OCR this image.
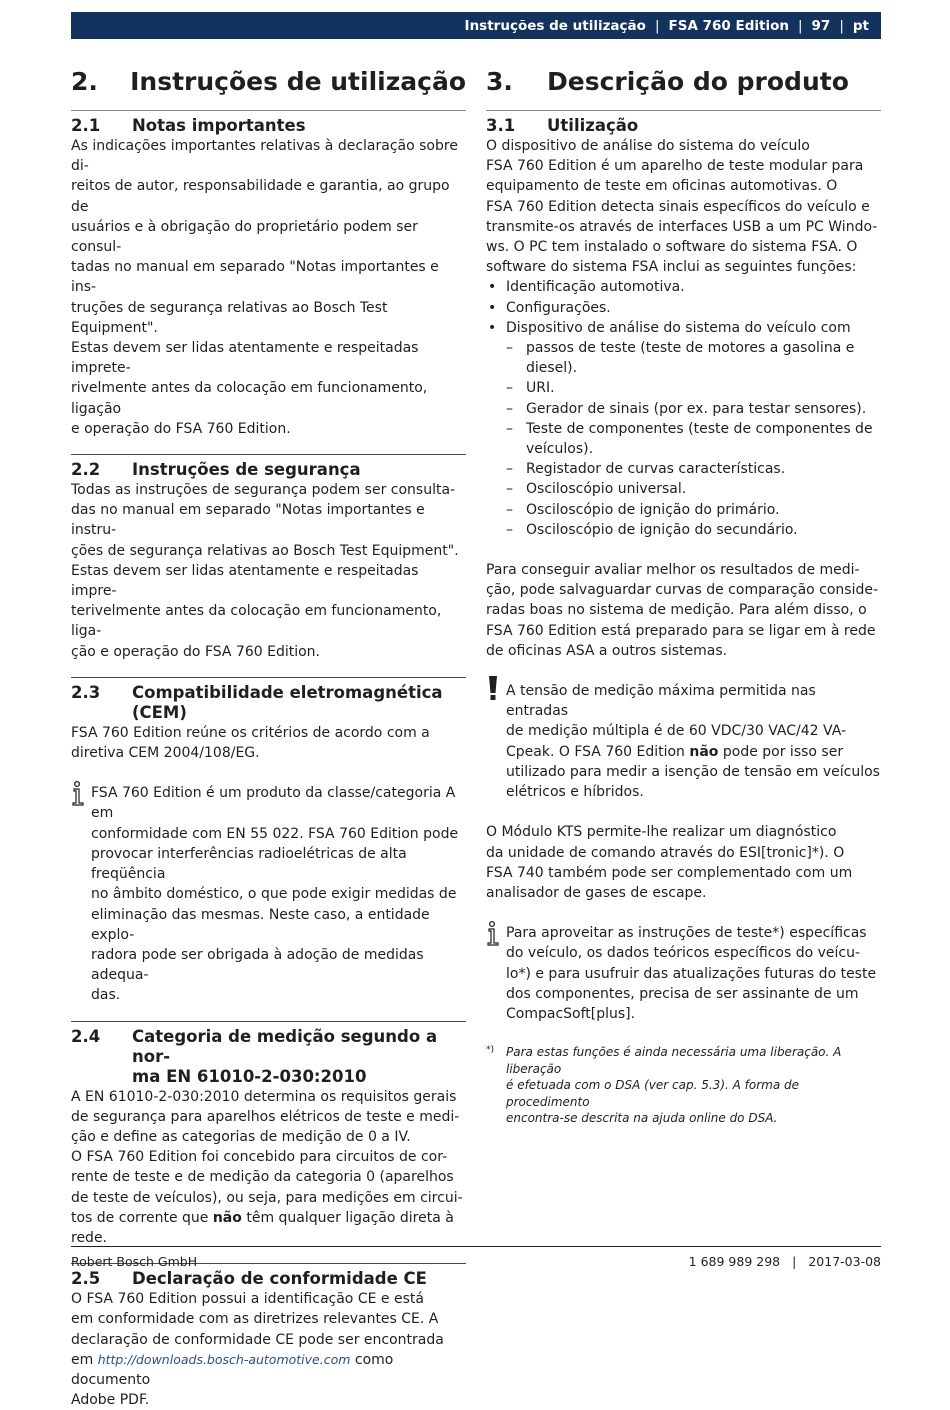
Instruções de utilização | FSA 760 Edition | 97 | pt
2.	Instruções de utilização
2.1	Notas importantes
As indicações importantes relativas à declaração sobre di-
reitos de autor, responsabilidade e garantia, ao grupo de
usuários e à obrigação do proprietário podem ser consul-
tadas no manual em separado "Notas importantes e ins-
truções de segurança relativas ao Bosch Test Equipment".
Estas devem ser lidas atentamente e respeitadas imprete-
rivelmente antes da colocação em funcionamento, ligação
e operação do FSA 760 Edition.
2.2	Instruções de segurança
Todas as instruções de segurança podem ser consulta-
das no manual em separado "Notas importantes e instru-
ções de segurança relativas ao Bosch Test Equipment".
Estas devem ser lidas atentamente e respeitadas impre-
terivelmente antes da colocação em funcionamento, liga-
ção e operação do FSA 760 Edition.
2.3	Compatibilidade eletromagnética
(CEM)
FSA 760 Edition reúne os critérios de acordo com a
diretiva CEM 2004/108/EG.
FSA 760 Edition é um produto da classe/categoria A em
conformidade com EN 55 022. FSA 760 Edition pode
provocar interferências radioelétricas de alta freqüência
no âmbito doméstico, o que pode exigir medidas de
eliminação das mesmas. Neste caso, a entidade explo-
radora pode ser obrigada à adoção de medidas adequa-
das.
2.4	Categoria de medição segundo a nor-
ma EN 61010-2-030:2010
A EN 61010-2-030:2010 determina os requisitos gerais
de segurança para aparelhos elétricos de teste e medi-
ção e define as categorias de medição de 0 a IV.
O FSA 760 Edition foi concebido para circuitos de cor-
rente de teste e de medição da categoria 0 (aparelhos
de teste de veículos), ou seja, para medições em circui-
tos de corrente que não têm qualquer ligação direta à
rede.
2.5	Declaração de conformidade CE
O FSA 760 Edition possui a identificação CE e está
em conformidade com as diretrizes relevantes CE. A
declaração de conformidade CE pode ser encontrada
em http://downloads.bosch-automotive.com como documento
Adobe PDF.
3.	Descrição do produto
3.1	Utilização
O dispositivo de análise do sistema do veículo
FSA 760 Edition é um aparelho de teste modular para
equipamento de teste em oficinas automotivas. O
FSA 760 Edition detecta sinais específicos do veículo e
transmite-os através de interfaces USB a um PC Windo-
ws. O PC tem instalado o software do sistema FSA. O
software do sistema FSA inclui as seguintes funções:
• Identificação automotiva.
• Configurações.
• Dispositivo de análise do sistema do veículo com
– passos de teste (teste de motores a gasolina e
diesel).
– URI.
– Gerador de sinais (por ex. para testar sensores).
– Teste de componentes (teste de componentes de
veículos).
– Registador de curvas características.
– Osciloscópio universal.
– Osciloscópio de ignição do primário.
– Osciloscópio de ignição do secundário.
Para conseguir avaliar melhor os resultados de medi-
ção, pode salvaguardar curvas de comparação conside-
radas boas no sistema de medição. Para além disso, o
FSA 760 Edition está preparado para se ligar em à rede
de oficinas ASA a outros sistemas.
A tensão de medição máxima permitida nas entradas
de medição múltipla é de 60 VDC/30 VAC/42 VA-
Cpeak. O FSA 760 Edition não pode por isso ser
utilizado para medir a isenção de tensão em veículos
elétricos e híbridos.
O Módulo KTS permite-lhe realizar um diagnóstico
da unidade de comando através do ESI[tronic]*). O
FSA 740 também pode ser complementado com um
analisador de gases de escape.
Para aproveitar as instruções de teste*) específicas
do veículo, os dados teóricos específicos do veícu-
lo*) e para usufruir das atualizações futuras do teste
dos componentes, precisa de ser assinante de um
CompacSoft[plus].
*) Para estas funções é ainda necessária uma liberação. A liberação
é efetuada com o DSA (ver cap. 5.3). A forma de procedimento
encontra-se descrita na ajuda online do DSA.
Robert Bosch GmbH	1 689 989 298 | 2017-03-08
